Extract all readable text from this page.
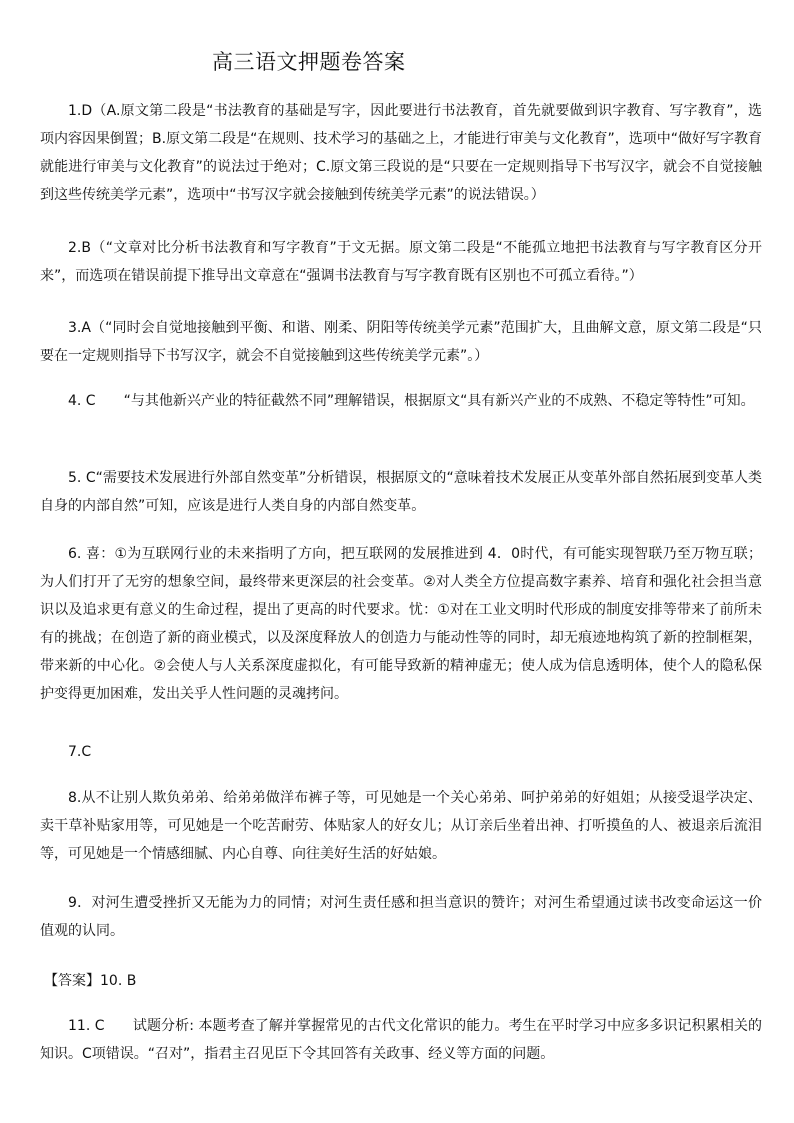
高三语文押题卷答案

1.D（A.原文第二段是“书法教育的基础是写字，因此要进行书法教育，首先就要做到识字教育、写字教育”，选项内容因果倒置；B.原文第二段是“在规则、技术学习的基础之上，才能进行审美与文化教育”，选项中“做好写字教育就能进行审美与文化教育”的说法过于绝对；C.原文第三段说的是“只要在一定规则指导下书写汉字，就会不自觉接触到这些传统美学元素”，选项中“书写汉字就会接触到传统美学元素”的说法错误。）

2.B（“文章对比分析书法教育和写字教育”于文无据。原文第二段是“不能孤立地把书法教育与写字教育区分开来”，而选项在错误前提下推导出文章意在“强调书法教育与写字教育既有区别也不可孤立看待。”）

3.A（“同时会自觉地接触到平衡、和谐、刚柔、阴阳等传统美学元素”范围扩大，且曲解文意，原文第二段是“只要在一定规则指导下书写汉字，就会不自觉接触到这些传统美学元素”。）

4. C　　“与其他新兴产业的特征截然不同”理解错误，根据原文“具有新兴产业的不成熟、不稳定等特性”可知。

5. C“需要技术发展进行外部自然变革”分析错误，根据原文的“意味着技术发展正从变革外部自然拓展到变革人类自身的内部自然”可知，应该是进行人类自身的内部自然变革。

6. 喜：①为互联网行业的未来指明了方向，把互联网的发展推进到 4．0时代，有可能实现智联乃至万物互联；为人们打开了无穷的想象空间，最终带来更深层的社会变革。②对人类全方位提高数字素养、培育和强化社会担当意识以及追求更有意义的生命过程，提出了更高的时代要求。忧：①对在工业文明时代形成的制度安排等带来了前所未有的挑战；在创造了新的商业模式，以及深度释放人的创造力与能动性等的同时，却无痕迹地构筑了新的控制框架，带来新的中心化。②会使人与人关系深度虚拟化，有可能导致新的精神虚无；使人成为信息透明体，使个人的隐私保护变得更加困难，发出关乎人性问题的灵魂拷问。

7.C

8.从不让别人欺负弟弟、给弟弟做洋布裤子等，可见她是一个关心弟弟、呵护弟弟的好姐姐；从接受退学决定、卖干草补贴家用等，可见她是一个吃苦耐劳、体贴家人的好女儿；从订亲后坐着出神、打听摸鱼的人、被退亲后流泪等，可见她是一个情感细腻、内心自尊、向往美好生活的好姑娘。

9．对河生遭受挫折又无能为力的同情；对河生责任感和担当意识的赞许；对河生希望通过读书改变命运这一价值观的认同。

【答案】10. B

11. C　　试题分析: 本题考查了解并掌握常见的古代文化常识的能力。考生在平时学习中应多多识记积累相关的知识。C项错误。“召对”，指君主召见臣下令其回答有关政事、经义等方面的问题。
